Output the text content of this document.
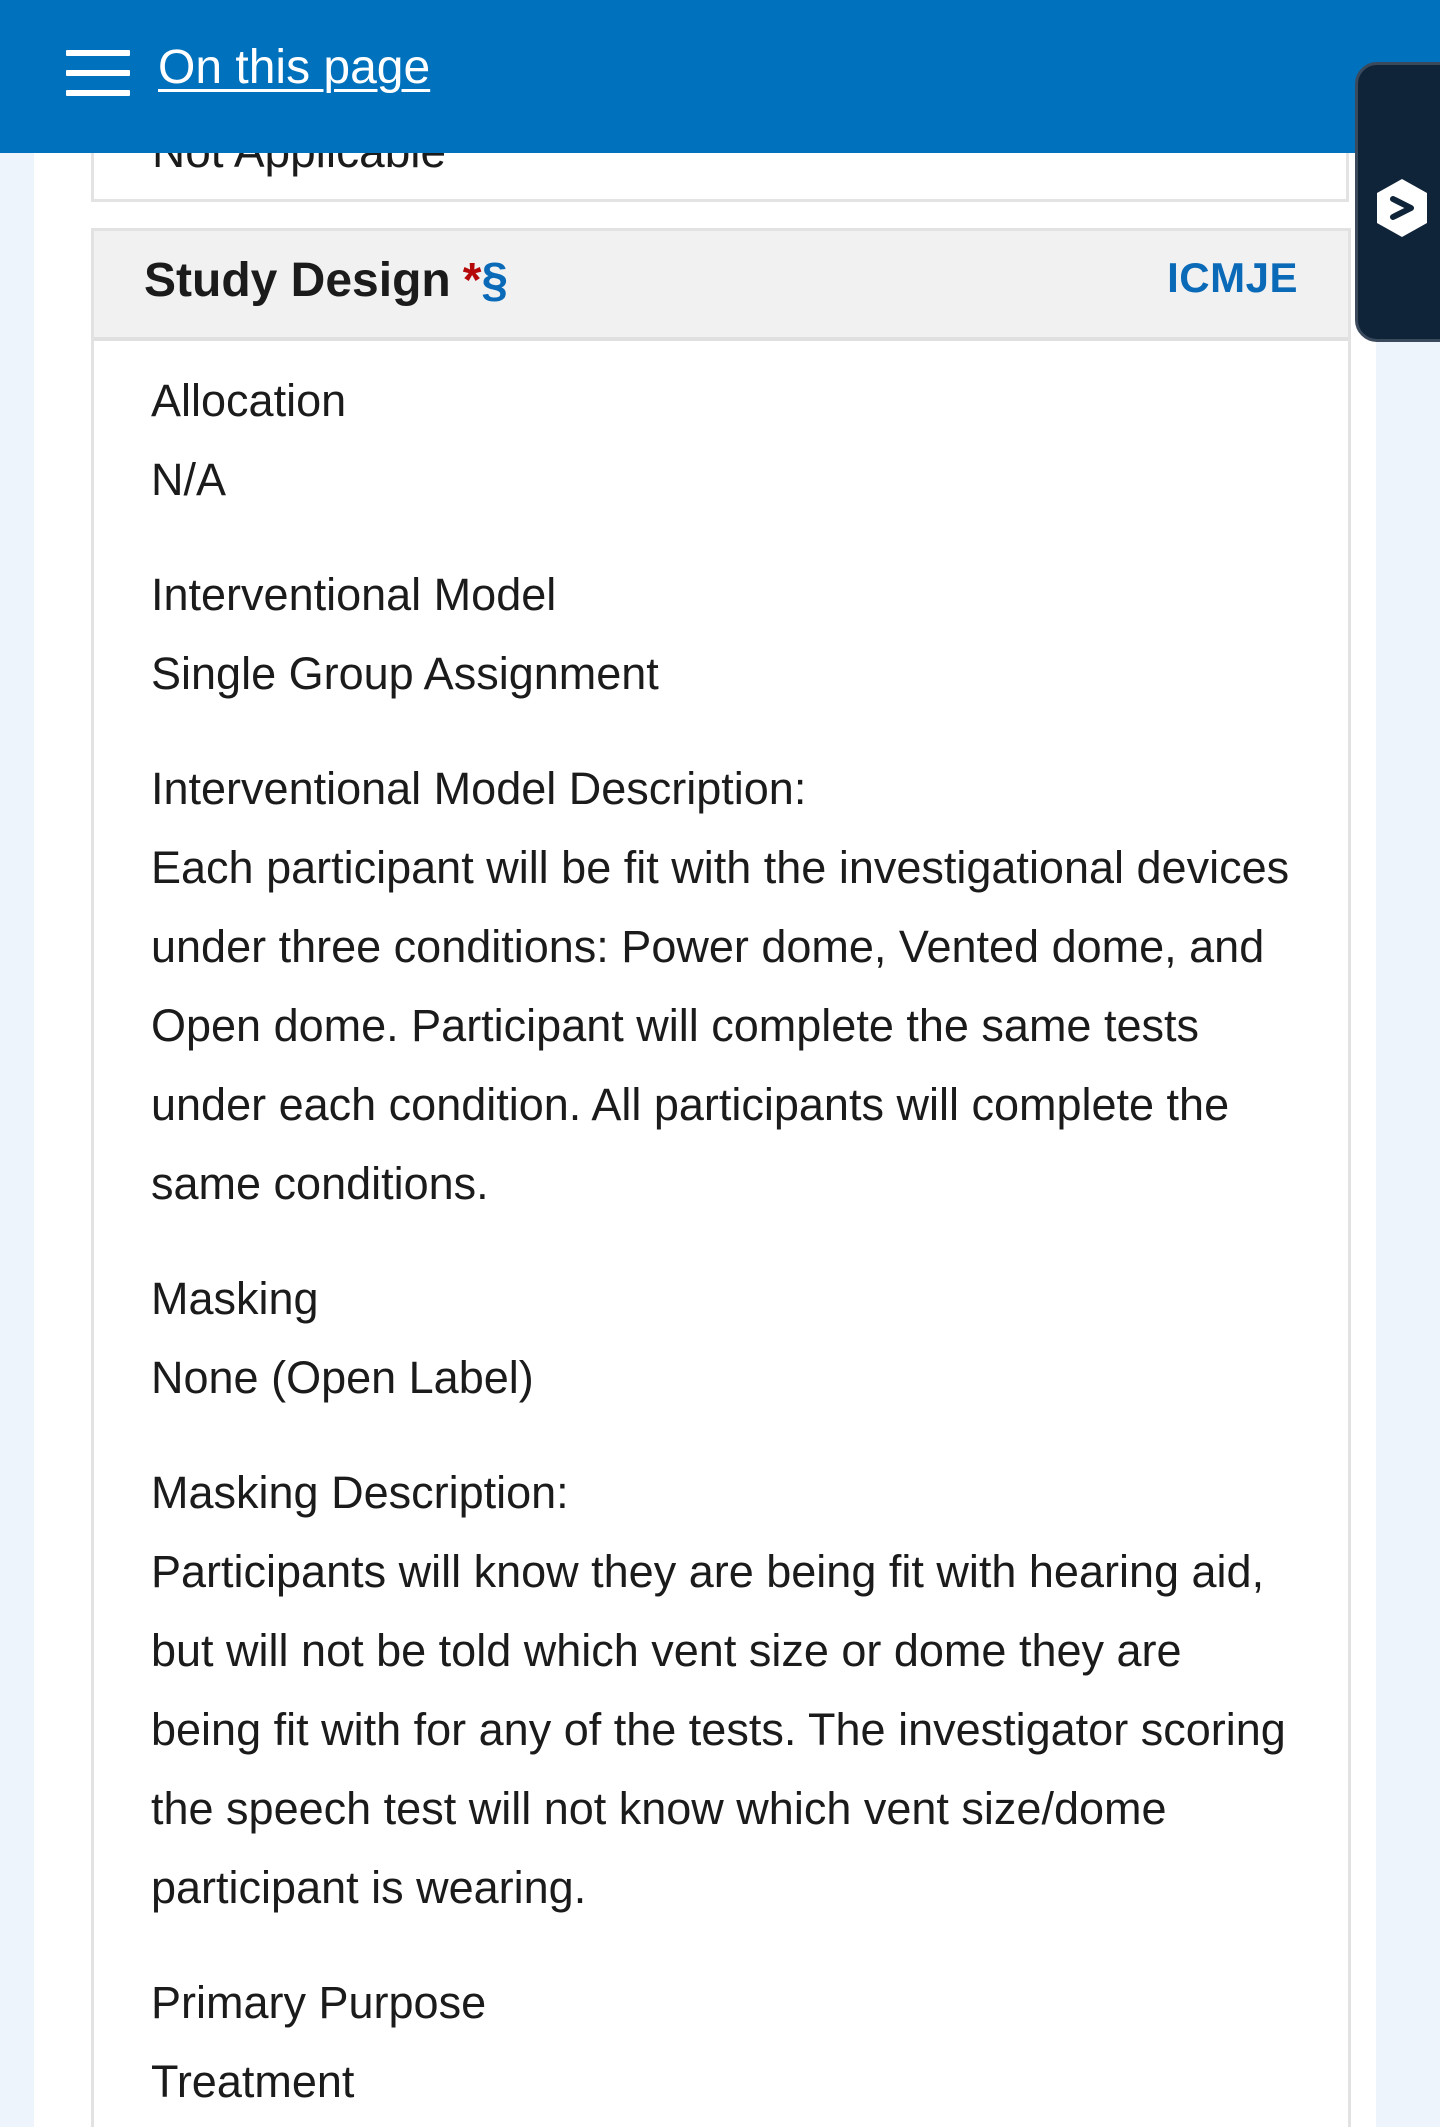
Study Design *§	ICMJE
Allocation
N/A
Interventional Model
Single Group Assignment
Interventional Model Description:
Each participant will be fit with the investigational devices under three conditions: Power dome, Vented dome, and Open dome. Participant will complete the same tests under each condition. All participants will complete the same conditions.
Masking
None (Open Label)
Masking Description:
Participants will know they are being fit with hearing aid, but will not be told which vent size or dome they are being fit with for any of the tests. The investigator scoring the speech test will not know which vent size/dome participant is wearing.
Primary Purpose
Treatment
On this page
